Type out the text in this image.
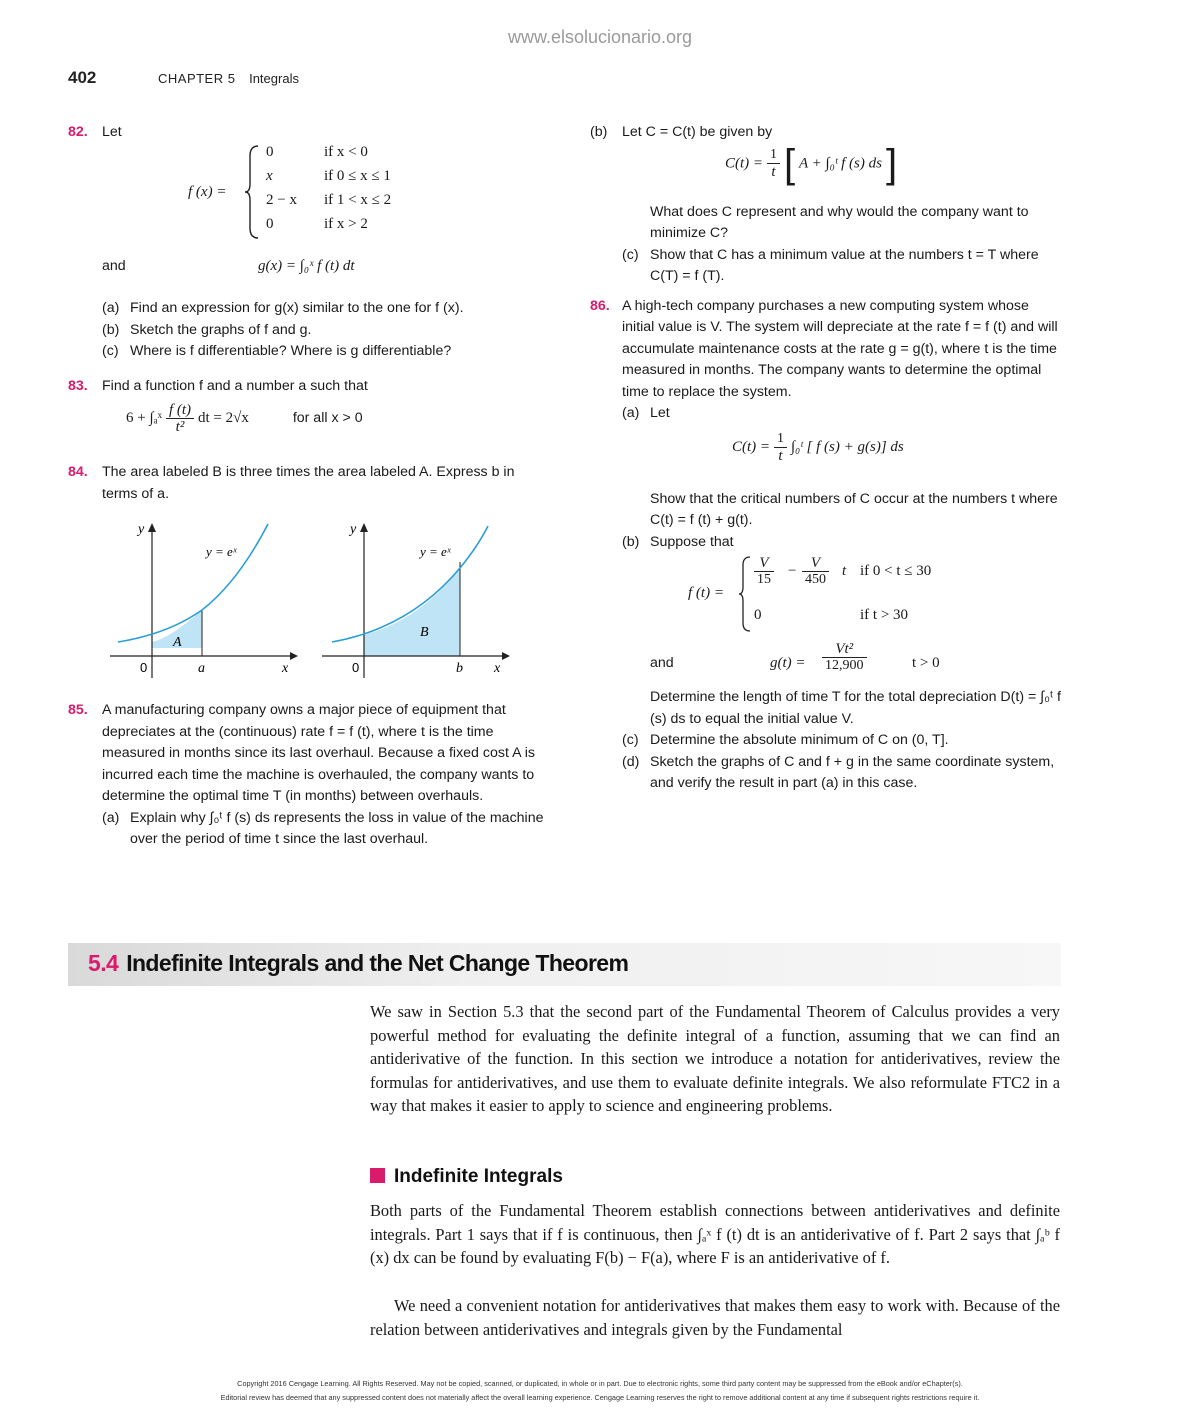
www.elsolucionario.org
402	CHAPTER 5 Integrals
82. Let
f (x) =
0	if x < 0
x	if 0 ≤ x ≤ 1
2 − x if 1 < x ≤ 2
0	if x > 2
and	g(x) = ∫₀ˣ f (t) dt
(a) Find an expression for g(x) similar to the one for f (x).
(b) Sketch the graphs of f and g.
(c) Where is f differentiable? Where is g differentiable?
83. Find a function f and a number a such that
6 + ∫ₐˣ $\frac{f (t)}{\text{t²}}$ dt = 2√x	for all x > 0
84. The area labeled B is three times the area labeled A. Express b in terms of a.
y
y = eˣ
A
0	a	x
y
y = eˣ
B
0	b x
85. A manufacturing company owns a major piece of equipment that depreciates at the (continuous) rate f = f (t), where t is the time measured in months since its last overhaul. Because a fixed cost A is incurred each time the machine is overhauled, the company wants to determine the optimal time T (in months) between overhauls.
(a) Explain why ∫₀ᵗ f (s) ds represents the loss in value of the machine over the period of time t since the last overhaul.
(b) Let C = C(t) be given by
$C(t) = \frac{1}{t}$ [ A + ∫₀ᵗ f (s) ds ]
What does C represent and why would the company want to minimize C?
(c) Show that C has a minimum value at the numbers t = T where C(T) = f (T).
86. A high-tech company purchases a new computing system whose initial value is V. The system will depreciate at the rate f = f (t) and will accumulate maintenance costs at the rate g = g(t), where t is the time measured in months. The company wants to determine the optimal time to replace the system.
(a) Let
$C(t) = \frac{1}{t}$ ∫₀ᵗ [ f (s) + g(s)] ds
Show that the critical numbers of C occur at the numbers t where C(t) = f (t) + g(t).
(b) Suppose that
f (t) =
$\frac{V}{15} - \frac{V}{450}$ t if 0 < t ≤ 30
0	if t > 30
and	$g(t) = \frac{\text{Vt²}}{12,900}$	t > 0
Determine the length of time T for the total depreciation D(t) = ∫₀ᵗ f (s) ds to equal the initial value V.
(c) Determine the absolute minimum of C on (0, T].
(d) Sketch the graphs of C and f + g in the same coordinate system, and verify the result in part (a) in this case.
5.4 Indefinite Integrals and the Net Change Theorem
We saw in Section 5.3 that the second part of the Fundamental Theorem of Calculus provides a very powerful method for evaluating the definite integral of a function, assuming that we can find an antiderivative of the function. In this section we introduce a notation for antiderivatives, review the formulas for antiderivatives, and use them to evaluate definite integrals. We also reformulate FTC2 in a way that makes it easier to apply to science and engineering problems.
Indefinite Integrals
Both parts of the Fundamental Theorem establish connections between antiderivatives and definite integrals. Part 1 says that if f is continuous, then ∫ₐˣ f (t) dt is an antiderivative of f. Part 2 says that ∫ₐᵇ f (x) dx can be found by evaluating F(b) − F(a), where F is an antiderivative of f.
We need a convenient notation for antiderivatives that makes them easy to work with. Because of the relation between antiderivatives and integrals given by the Fundamental
Copyright 2016 Cengage Learning. All Rights Reserved. May not be copied, scanned, or duplicated, in whole or in part. Due to electronic rights, some third party content may be suppressed from the eBook and/or eChapter(s).
Editorial review has deemed that any suppressed content does not materially affect the overall learning experience. Cengage Learning reserves the right to remove additional content at any time if subsequent rights restrictions require it.
